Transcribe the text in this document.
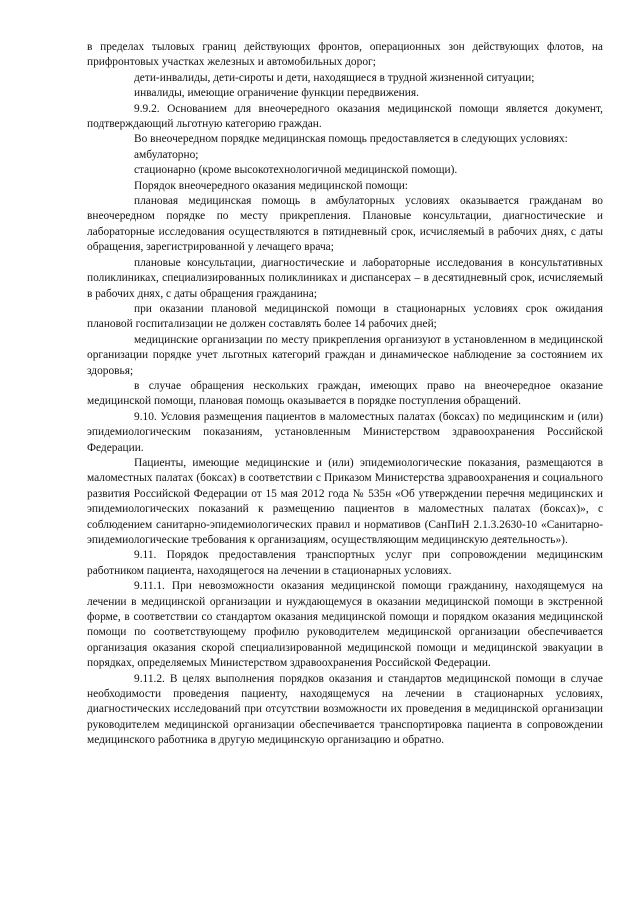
в пределах тыловых границ действующих фронтов, операционных зон действующих флотов, на прифронтовых участках железных и автомобильных дорог;

дети-инвалиды, дети-сироты и дети, находящиеся в трудной жизненной ситуации;

инвалиды, имеющие ограничение функции передвижения.

9.9.2. Основанием для внеочередного оказания медицинской помощи является документ, подтверждающий льготную категорию граждан.

Во внеочередном порядке медицинская помощь предоставляется в следующих условиях:

амбулаторно;

стационарно (кроме высокотехнологичной медицинской помощи).

Порядок внеочередного оказания медицинской помощи:

плановая медицинская помощь в амбулаторных условиях оказывается гражданам во внеочередном порядке по месту прикрепления. Плановые консультации, диагностические и лабораторные исследования осуществляются в пятидневный срок, исчисляемый в рабочих днях, с даты обращения, зарегистрированной у лечащего врача;

плановые консультации, диагностические и лабораторные исследования в консультативных поликлиниках, специализированных поликлиниках и диспансерах – в десятидневный срок, исчисляемый в рабочих днях, с даты обращения гражданина;

при оказании плановой медицинской помощи в стационарных условиях срок ожидания плановой госпитализации не должен составлять более 14 рабочих дней;

медицинские организации по месту прикрепления организуют в установленном в медицинской организации порядке учет льготных категорий граждан и динамическое наблюдение за состоянием их здоровья;

в случае обращения нескольких граждан, имеющих право на внеочередное оказание медицинской помощи, плановая помощь оказывается в порядке поступления обращений.

9.10. Условия размещения пациентов в маломестных палатах (боксах) по медицинским и (или) эпидемиологическим показаниям, установленным Министерством здравоохранения Российской Федерации.

Пациенты, имеющие медицинские и (или) эпидемиологические показания, размещаются в маломестных палатах (боксах) в соответствии с Приказом Министерства здравоохранения и социального развития Российской Федерации от 15 мая 2012 года № 535н «Об утверждении перечня медицинских и эпидемиологических показаний к размещению пациентов в маломестных палатах (боксах)», с соблюдением санитарно-эпидемиологических правил и нормативов (СанПиН 2.1.3.2630-10 «Санитарно-эпидемиологические требования к организациям, осуществляющим медицинскую деятельность»).

9.11. Порядок предоставления транспортных услуг при сопровождении медицинским работником пациента, находящегося на лечении в стационарных условиях.

9.11.1. При невозможности оказания медицинской помощи гражданину, находящемуся на лечении в медицинской организации и нуждающемуся в оказании медицинской помощи в экстренной форме, в соответствии со стандартом оказания медицинской помощи и порядком оказания медицинской помощи по соответствующему профилю руководителем медицинской организации обеспечивается организация оказания скорой специализированной медицинской помощи и медицинской эвакуации в порядках, определяемых Министерством здравоохранения Российской Федерации.

9.11.2. В целях выполнения порядков оказания и стандартов медицинской помощи в случае необходимости проведения пациенту, находящемуся на лечении в стационарных условиях, диагностических исследований при отсутствии возможности их проведения в медицинской организации руководителем медицинской организации обеспечивается транспортировка пациента в сопровождении медицинского работника в другую медицинскую организацию и обратно.
